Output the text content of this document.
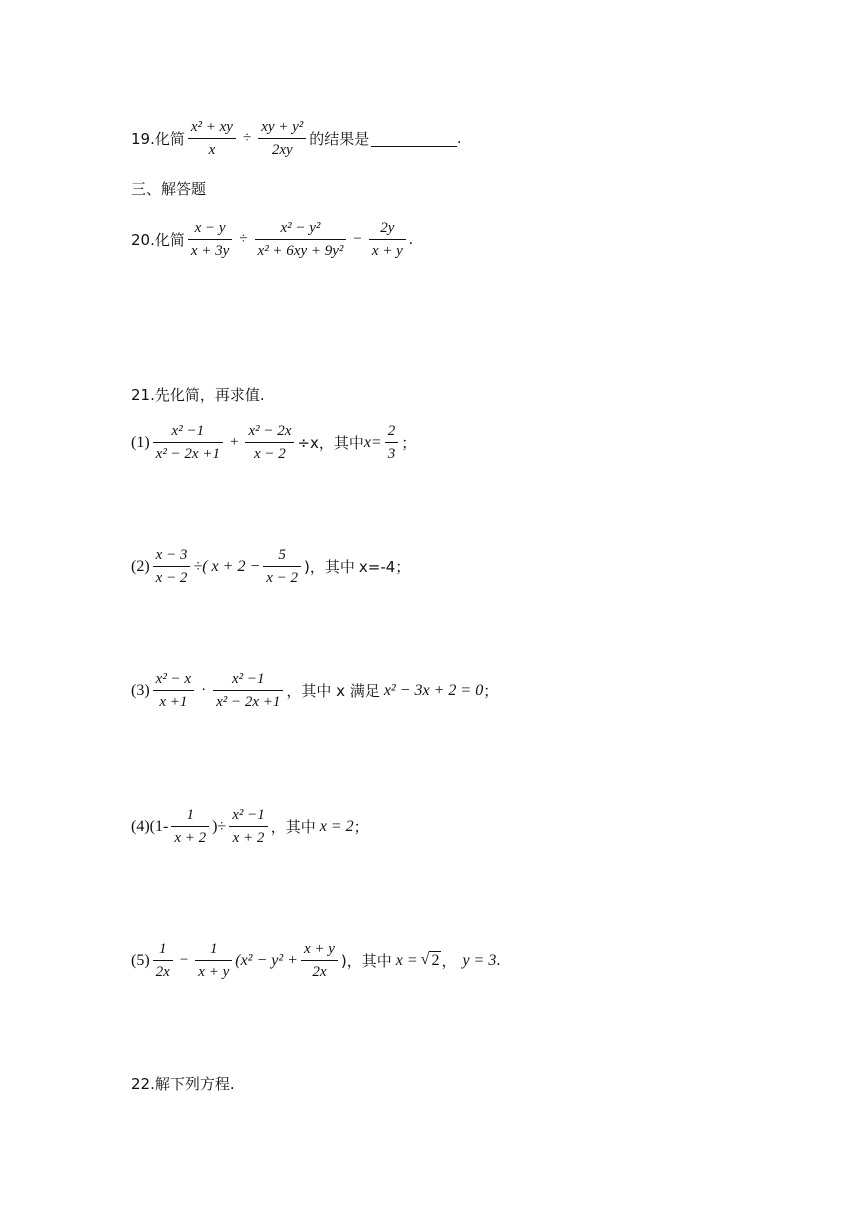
19.化简 $\frac{\text{x² + xy}}{x} \div \frac{\text{xy + y²}}{2xy}$ 的结果是	.
三、解答题
20.化简 $\frac{x - y}{x + 3y} \div \frac{\text{x² − y²}}{\text{x² + 6xy + 9y²}} - \frac{2y}{x + y}$ .
21.先化简，再求值.
$(1) \frac{\text{x² −1}}{\text{x² − 2x +1}} + \frac{\text{x² − 2x}}{x - 2} \div x$，其中 $x= \frac{2}{3}$ ；
$(2) \frac{x - 3}{x - 2}$ ÷( $x + 2 - \frac{5}{x - 2}$ )，其中 x=-4；
$(3) \frac{\text{x² − x}}{x +1} \cdot \frac{\text{x² −1}}{\text{x² − 2x +1}}$ ，其中 x 满足 x² − 3x + 2 = 0 ；
$(4)(1- \frac{1}{x + 2}$ )÷ $\frac{\text{x² −1}}{x + 2}$ ，其中 x = 2 ；
$(5) \frac{1}{2x} - \frac{1}{x + y} (x^2 - y^2 + \frac{x + y}{2x}$ )，其中 x = √ 2 ， y = 3 .
22.解下列方程.
